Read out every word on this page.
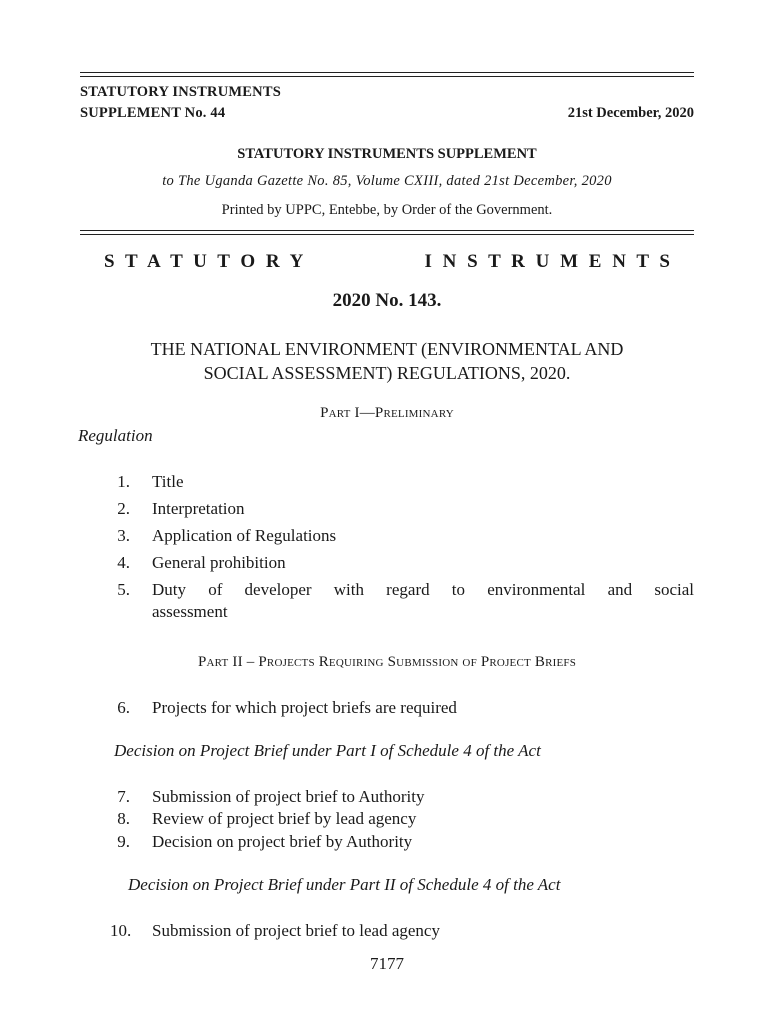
STATUTORY INSTRUMENTS
SUPPLEMENT No. 44	21st December, 2020
STATUTORY INSTRUMENTS SUPPLEMENT
to The Uganda Gazette No. 85, Volume CXIII, dated 21st December, 2020
Printed by UPPC, Entebbe, by Order of the Government.
S T A T U T O R Y	I N S T R U M E N T S
2020 No. 143.
THE NATIONAL ENVIRONMENT (ENVIRONMENTAL AND
SOCIAL ASSESSMENT) REGULATIONS, 2020.
Part I—Preliminary
Regulation
1. Title
2. Interpretation
3. Application of Regulations
4. General prohibition
5. Duty of developer with regard to environmental and social
assessment
Part II – Projects Requiring Submission of Project Briefs
6. Projects for which project briefs are required
Decision on Project Brief under Part I of Schedule 4 of the Act
7. Submission of project brief to Authority
8. Review of project brief by lead agency
9. Decision on project brief by Authority
Decision on Project Brief under Part II of Schedule 4 of the Act
10. Submission of project brief to lead agency
7177
